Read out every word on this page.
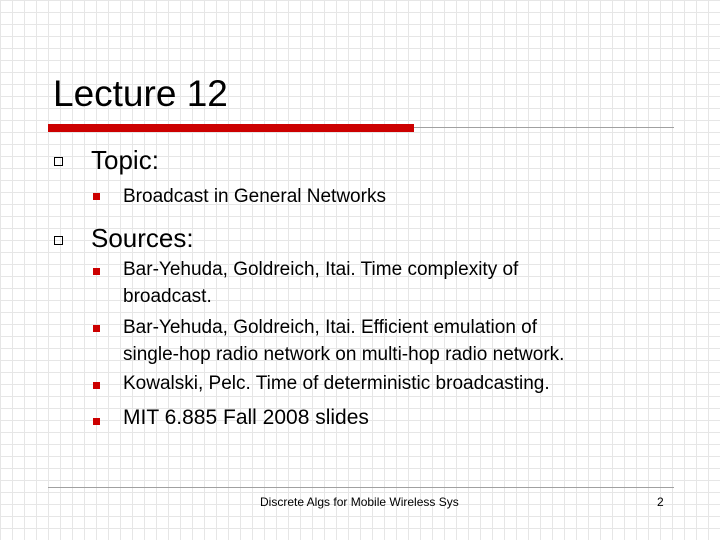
Lecture 12
Topic:
Broadcast in General Networks
Sources:
Bar-Yehuda, Goldreich, Itai. Time complexity of
broadcast.
Bar-Yehuda, Goldreich, Itai. Efficient emulation of
single-hop radio network on multi-hop radio network.
Kowalski, Pelc. Time of deterministic broadcasting.
MIT 6.885 Fall 2008 slides
Discrete Algs for Mobile Wireless Sys	2
